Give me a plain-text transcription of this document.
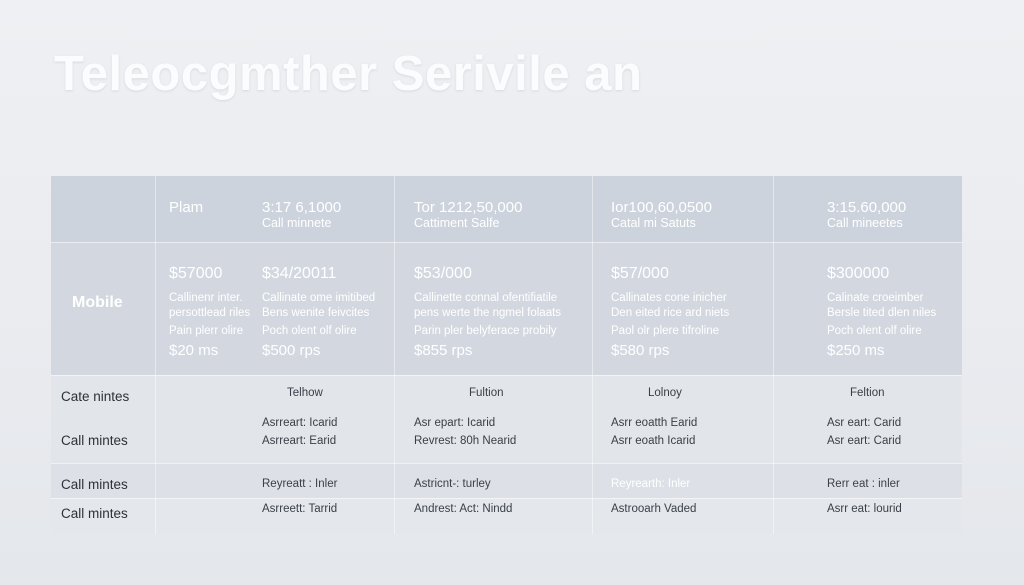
Teleocgmther Serivile an
Plam	3:17 6,1000
Call minnete
Tor 1212,50,000
Cattiment Salfe
Ior100,60,0500
Catal mi Satuts
3:15.60,000
Call mineetes
Mobile
$57000
Callinenr inter.
persottlead riles
Pain plerr olire
$20 ms
$34/20011
Callinate ome imitibed
Bens wenite feivcites
Poch olent olf olire
$500 rps
$53/000
Callinette connal ofentifiatile
pens werte the ngmel folaats
Parin pler belyferace probily
$855 rps
$57/000
Callinates cone inicher
Den eited rice ard niets
Paol olr plere tifroline
$580 rps
$300000
Calinate croeimber
Bersle tited dlen niles
Poch olent olf olire
$250 ms
Cate nintes
Call mintes
Call mintes
Call mintes
Telhow
Asrreart: Icarid
Asrreart: Earid
Fultion
Asr epart: Icarid
Revrest: 80h Nearid
Lolnoy
Asrr eoatth Earid
Asrr eoath Icarid
Feltion
Asr eart: Carid
Asr eart: Carid
Reyreatt : Inler
Asrreett: Tarrid
Astricnt-: turley
Andrest: Act: Nindd
Reyrearth: Inler
Astrooarh Vaded
Rerr eat : inler
Asrr eat: lourid
